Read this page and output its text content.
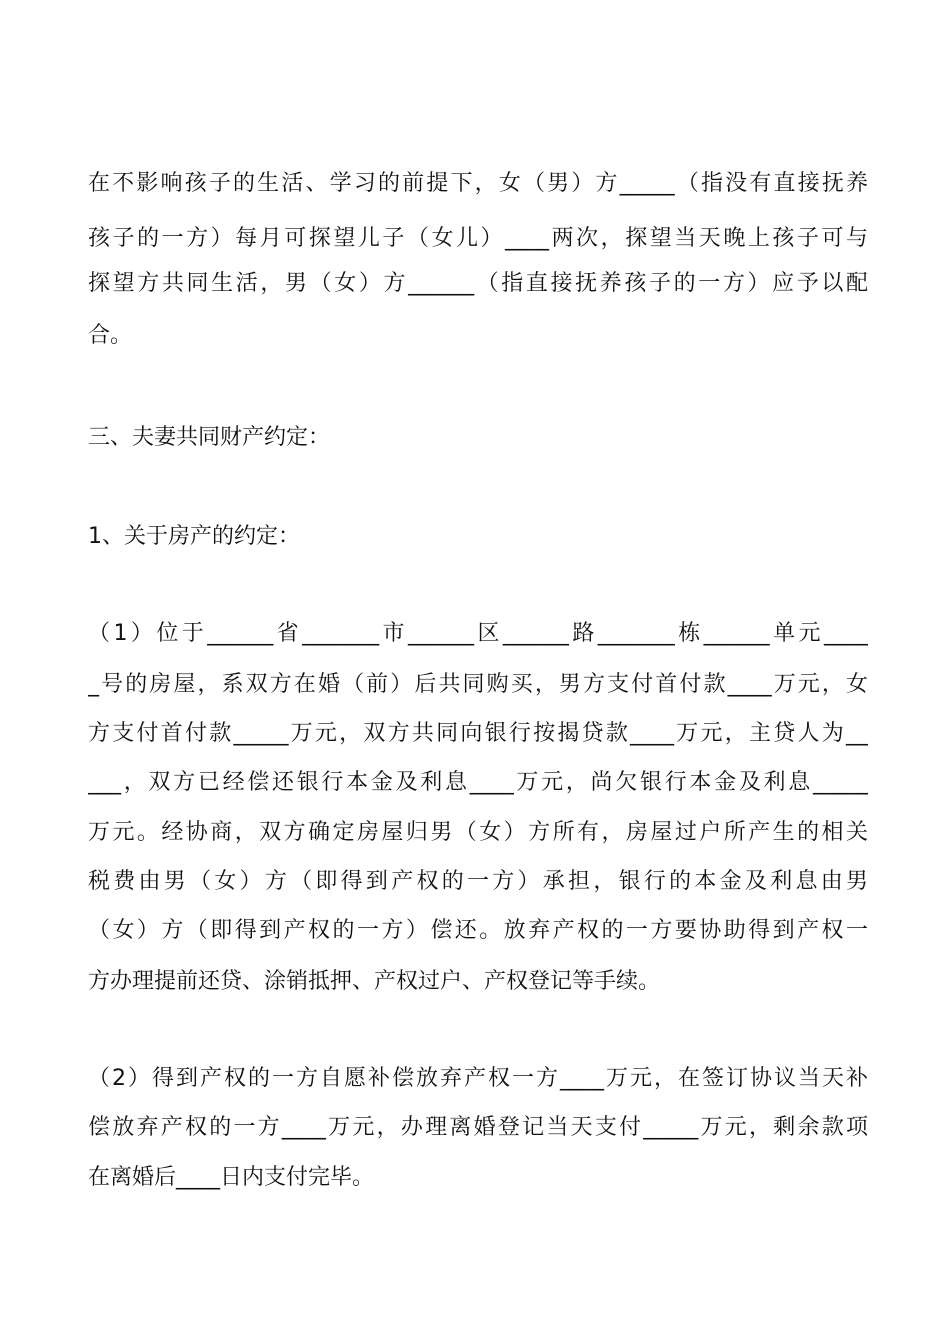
在不影响孩子的生活、学习的前提下，女（男）方_____（指没有直接抚养
孩子的一方）每月可探望儿子（女儿）____两次，探望当天晚上孩子可与
探望方共同生活，男（女）方______（指直接抚养孩子的一方）应予以配
合。
三、夫妻共同财产约定：
1、关于房产的约定：
（1）位于______省_______市______区______路_______栋______单元____
_号的房屋，系双方在婚（前）后共同购买，男方支付首付款____万元，女
方支付首付款_____万元，双方共同向银行按揭贷款____万元，主贷人为__
___，双方已经偿还银行本金及利息____万元，尚欠银行本金及利息_____
万元。经协商，双方确定房屋归男（女）方所有，房屋过户所产生的相关
税费由男（女）方（即得到产权的一方）承担，银行的本金及利息由男
（女）方（即得到产权的一方）偿还。放弃产权的一方要协助得到产权一
方办理提前还贷、涂销抵押、产权过户、产权登记等手续。
（2）得到产权的一方自愿补偿放弃产权一方____万元，在签订协议当天补
偿放弃产权的一方____万元，办理离婚登记当天支付_____万元，剩余款项
在离婚后____日内支付完毕。
